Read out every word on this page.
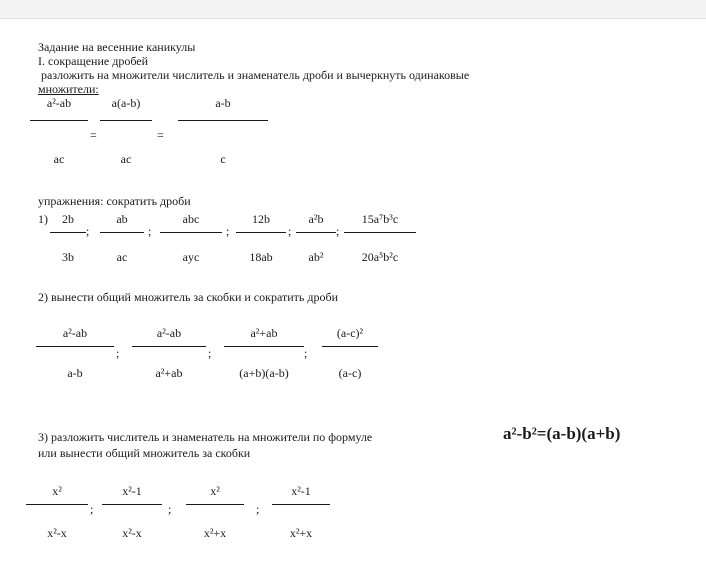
Задание на весенние каникулы
I. сокращение дробей
разложить на множители числитель и знаменатель дроби и вычеркнуть одинаковые
множители:
a²-ab
ac
=
a(a-b)
ac
=
a-b
c
упражнения: сократить дроби
1)	2b
3b
;
ab
ac
;
abc
ayc
;
12b
18ab
;
a²b
ab²
;
15a⁷b³c
20a⁵b²c
2) вынести общий множитель за скобки и сократить дроби
a²-ab
a-b
;
a²-ab
a²+ab
;
a²+ab
(a+b)(a-b)
;
(a-c)²
(a-c)
3) разложить числитель и знаменатель на множители по формуле	a²-b²=(a-b)(a+b)
или вынести общий множитель за скобки
x²
x²-x
;
x²-1
x²-x
;
x²
x²+x
;
x²-1
x²+x
